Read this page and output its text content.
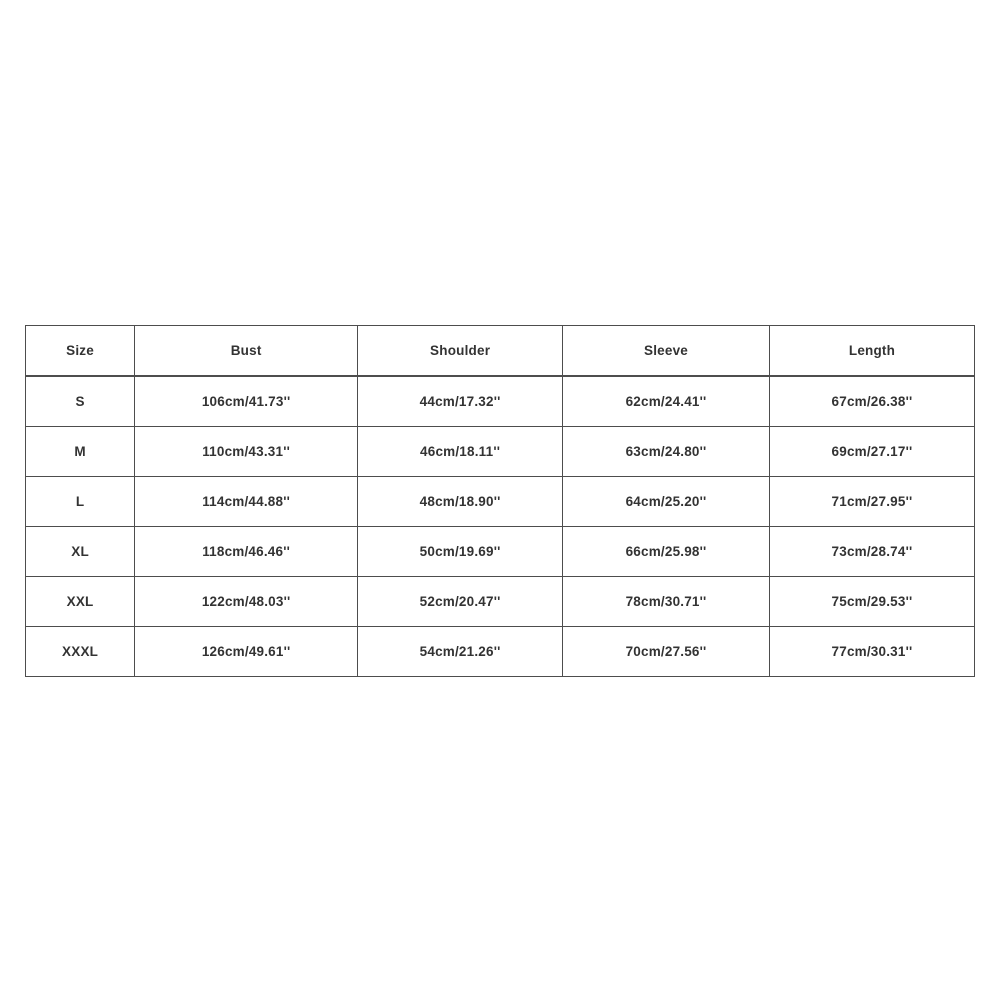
Size	Bust	Shoulder	Sleeve	Length
S	106cm/41.73''	44cm/17.32''	62cm/24.41''	67cm/26.38''
M	110cm/43.31''	46cm/18.11''	63cm/24.80''	69cm/27.17''
L	114cm/44.88''	48cm/18.90''	64cm/25.20''	71cm/27.95''
XL	118cm/46.46''	50cm/19.69''	66cm/25.98''	73cm/28.74''
XXL	122cm/48.03''	52cm/20.47''	78cm/30.71''	75cm/29.53''
XXXL	126cm/49.61''	54cm/21.26''	70cm/27.56''	77cm/30.31''
